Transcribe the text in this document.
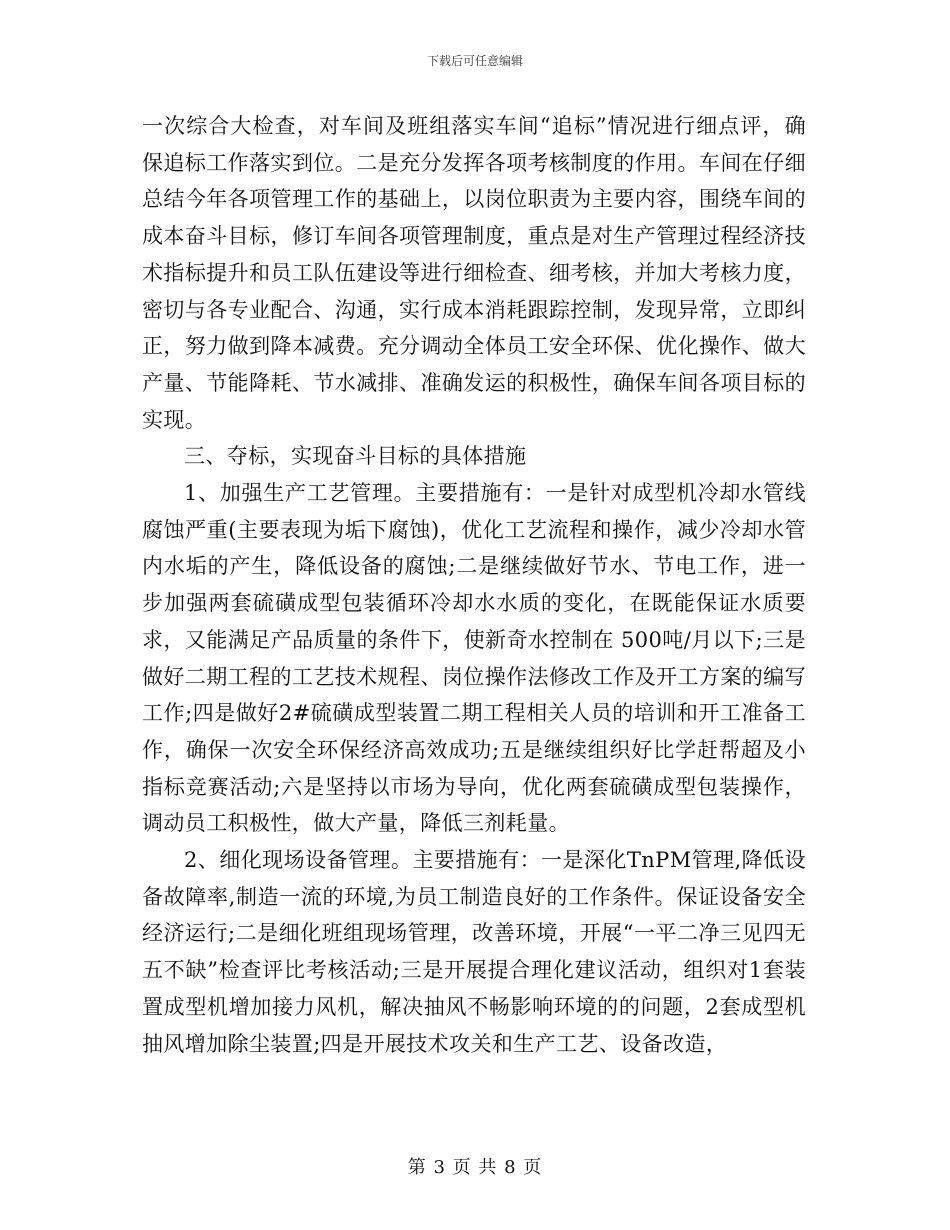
下载后可任意编辑

一次综合大检查，对车间及班组落实车间“追标”情况进行细点评，确保追标工作落实到位。二是充分发挥各项考核制度的作用。车间在仔细总结今年各项管理工作的基础上，以岗位职责为主要内容，围绕车间的成本奋斗目标，修订车间各项管理制度，重点是对生产管理过程经济技术指标提升和员工队伍建设等进行细检查、细考核，并加大考核力度，密切与各专业配合、沟通，实行成本消耗跟踪控制，发现异常，立即纠正，努力做到降本减费。充分调动全体员工安全环保、优化操作、做大产量、节能降耗、节水减排、准确发运的积极性，确保车间各项目标的实现。

三、夺标，实现奋斗目标的具体措施

1、加强生产工艺管理。主要措施有：一是针对成型机冷却水管线腐蚀严重(主要表现为垢下腐蚀)，优化工艺流程和操作，减少冷却水管内水垢的产生，降低设备的腐蚀;二是继续做好节水、节电工作，进一步加强两套硫磺成型包装循环冷却水水质的变化，在既能保证水质要求，又能满足产品质量的条件下，使新奇水控制在 500吨/月以下;三是做好二期工程的工艺技术规程、岗位操作法修改工作及开工方案的编写工作;四是做好2#硫磺成型装置二期工程相关人员的培训和开工准备工作，确保一次安全环保经济高效成功;五是继续组织好比学赶帮超及小指标竞赛活动;六是坚持以市场为导向，优化两套硫磺成型包装操作，调动员工积极性，做大产量，降低三剂耗量。

2、细化现场设备管理。主要措施有：一是深化TnPM管理,降低设备故障率,制造一流的环境,为员工制造良好的工作条件。保证设备安全经济运行;二是细化班组现场管理，改善环境，开展“一平二净三见四无五不缺”检查评比考核活动;三是开展提合理化建议活动，组织对1套装置成型机增加接力风机，解决抽风不畅影响环境的的问题，2套成型机抽风增加除尘装置;四是开展技术攻关和生产工艺、设备改造，

第 3 页 共 8 页
